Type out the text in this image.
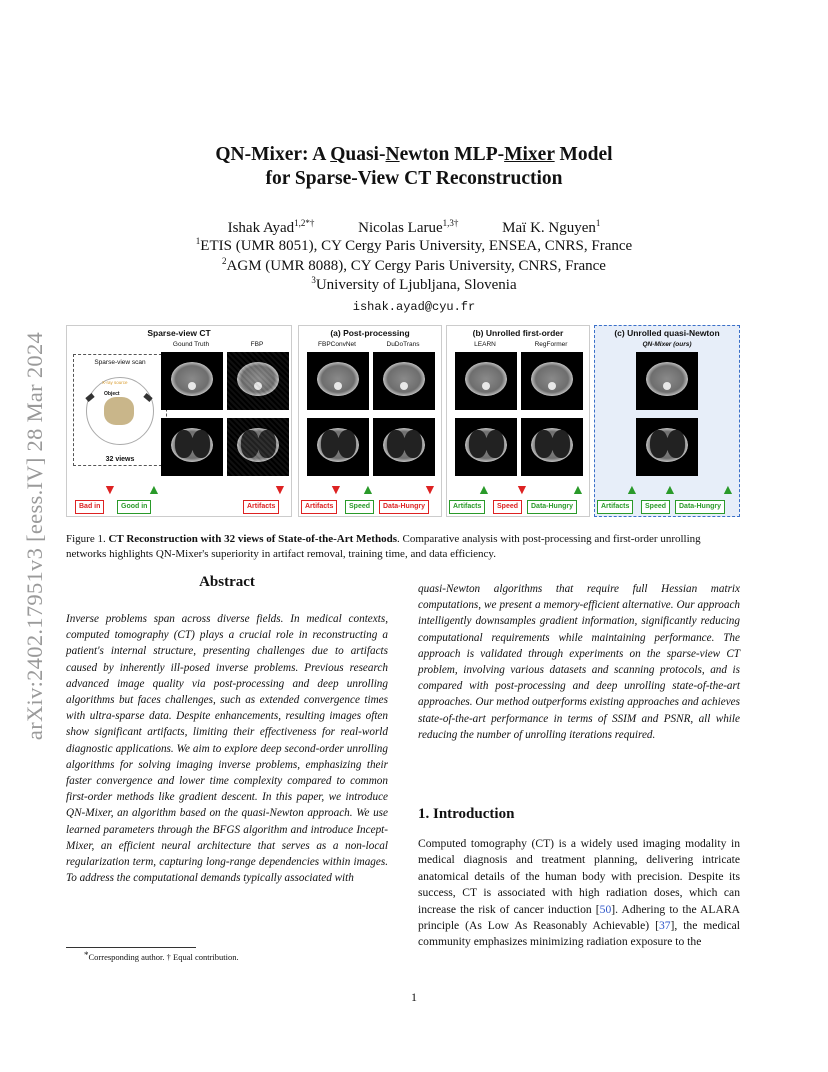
arXiv:2402.17951v3 [eess.IV] 28 Mar 2024
QN-Mixer: A Quasi-Newton MLP-Mixer Model
for Sparse-View CT Reconstruction
Ishak Ayad$^{1,2*\dagger}$	Nicolas Larue$^{1,3\dagger}$	Maï K. Nguyen$^1$
$^1$ETIS (UMR 8051), CY Cergy Paris University, ENSEA, CNRS, France
$^2$AGM (UMR 8088), CY Cergy Paris University, CNRS, France
$^3$University of Ljubljana, Slovenia
ishak.ayad@cyu.fr
Sparse-view CT
Gound Truth	FBP
Sparse-view scan
X-ray source
Object
32 views
▼ ▲	▼
Bad in	Good in	Artifacts
(a) Post-processing
FBPConvNet	DuDoTrans
▼ ▲	▼
Artifacts	Speed	Data-Hungry
(b) Unrolled first-order
LEARN	RegFormer
▲ ▼	▲
Artifacts	Speed	Data-Hungry
(c) Unrolled quasi-Newton
QN-Mixer (ours)
▲ ▲	▲
Artifacts	Speed	Data-Hungry
Figure 1. CT Reconstruction with 32 views of State-of-the-Art Methods. Comparative analysis with post-processing and first-order unrolling networks highlights QN-Mixer's superiority in artifact removal, training time, and data efficiency.
Abstract
Inverse problems span across diverse fields. In medical contexts, computed tomography (CT) plays a crucial role in reconstructing a patient's internal structure, presenting challenges due to artifacts caused by inherently ill-posed inverse problems. Previous research advanced image quality via post-processing and deep unrolling algorithms but faces challenges, such as extended convergence times with ultra-sparse data. Despite enhancements, resulting images often show significant artifacts, limiting their effectiveness for real-world diagnostic applications. We aim to explore deep second-order unrolling algorithms for solving imaging inverse problems, emphasizing their faster convergence and lower time complexity compared to common first-order methods like gradient descent. In this paper, we introduce QN-Mixer, an algorithm based on the quasi-Newton approach. We use learned parameters through the BFGS algorithm and introduce Incept-Mixer, an efficient neural architecture that serves as a non-local regularization term, capturing long-range dependencies within images. To address the computational demands typically associated with
quasi-Newton algorithms that require full Hessian matrix computations, we present a memory-efficient alternative. Our approach intelligently downsamples gradient information, significantly reducing computational requirements while maintaining performance. The approach is validated through experiments on the sparse-view CT problem, involving various datasets and scanning protocols, and is compared with post-processing and deep unrolling state-of-the-art approaches. Our method outperforms existing approaches and achieves state-of-the-art performance in terms of SSIM and PSNR, all while reducing the number of unrolling iterations required.
1. Introduction
Computed tomography (CT) is a widely used imaging modality in medical diagnosis and treatment planning, delivering intricate anatomical details of the human body with precision. Despite its success, CT is associated with high radiation doses, which can increase the risk of cancer induction [50]. Adhering to the ALARA principle (As Low As Reasonably Achievable) [37], the medical community emphasizes minimizing radiation exposure to the
*Corresponding author. † Equal contribution.
1
